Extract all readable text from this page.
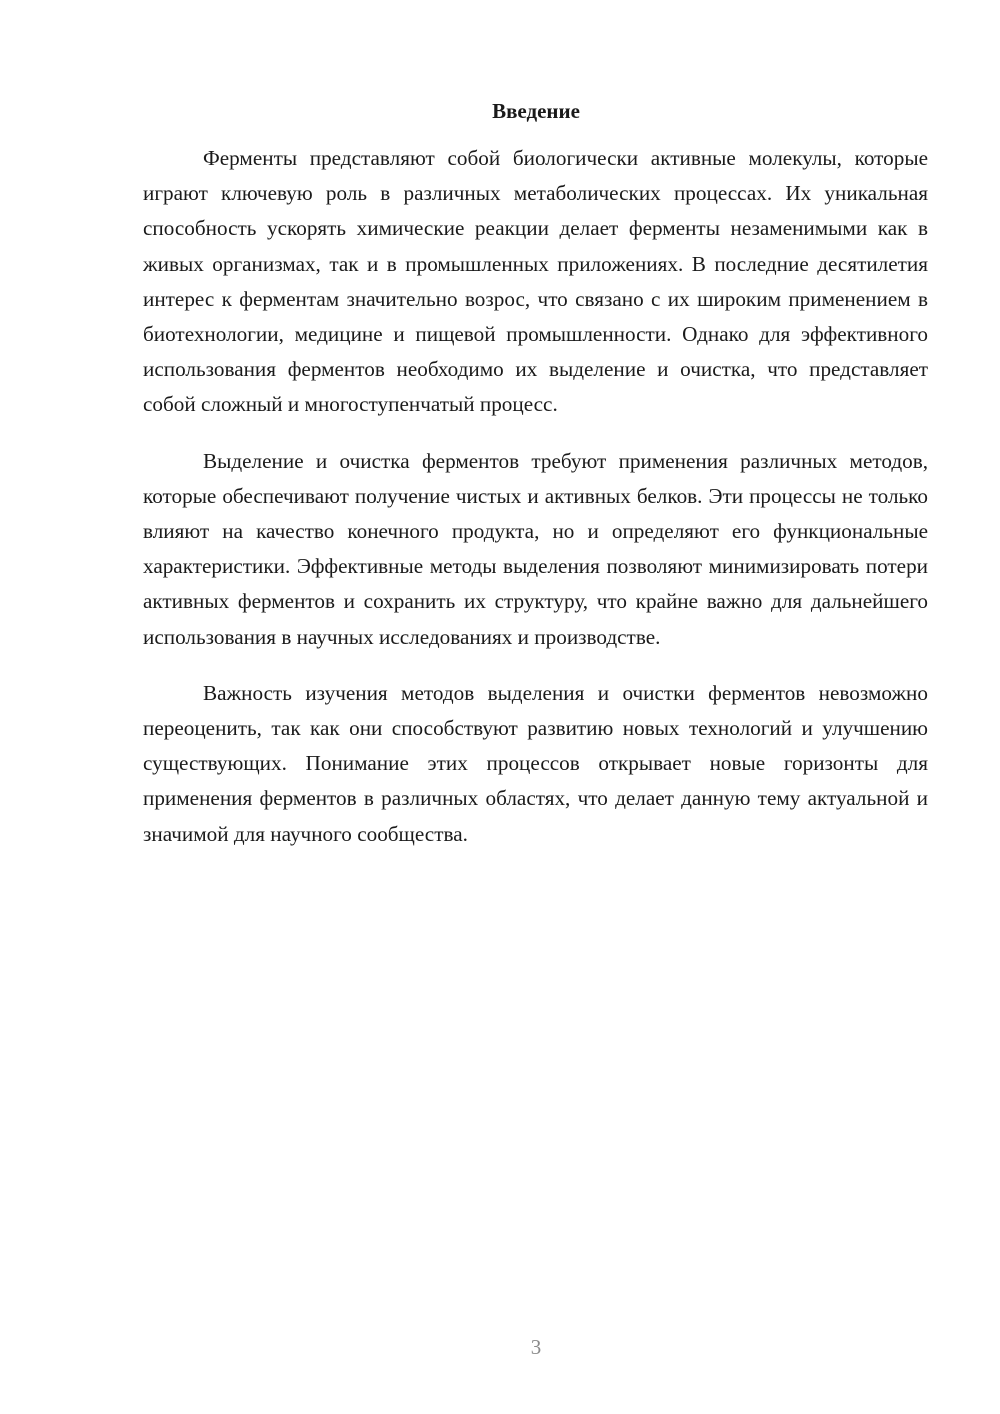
Введение

Ферменты представляют собой биологически активные молекулы, которые играют ключевую роль в различных метаболических процессах. Их уникальная способность ускорять химические реакции делает ферменты незаменимыми как в живых организмах, так и в промышленных приложениях. В последние десятилетия интерес к ферментам значительно возрос, что связано с их широким применением в биотехнологии, медицине и пищевой промышленности. Однако для эффективного использования ферментов необходимо их выделение и очистка, что представляет собой сложный и многоступенчатый процесс.

Выделение и очистка ферментов требуют применения различных методов, которые обеспечивают получение чистых и активных белков. Эти процессы не только влияют на качество конечного продукта, но и определяют его функциональные характеристики. Эффективные методы выделения позволяют минимизировать потери активных ферментов и сохранить их структуру, что крайне важно для дальнейшего использования в научных исследованиях и производстве.

Важность изучения методов выделения и очистки ферментов невозможно переоценить, так как они способствуют развитию новых технологий и улучшению существующих. Понимание этих процессов открывает новые горизонты для применения ферментов в различных областях, что делает данную тему актуальной и значимой для научного сообщества.

3
